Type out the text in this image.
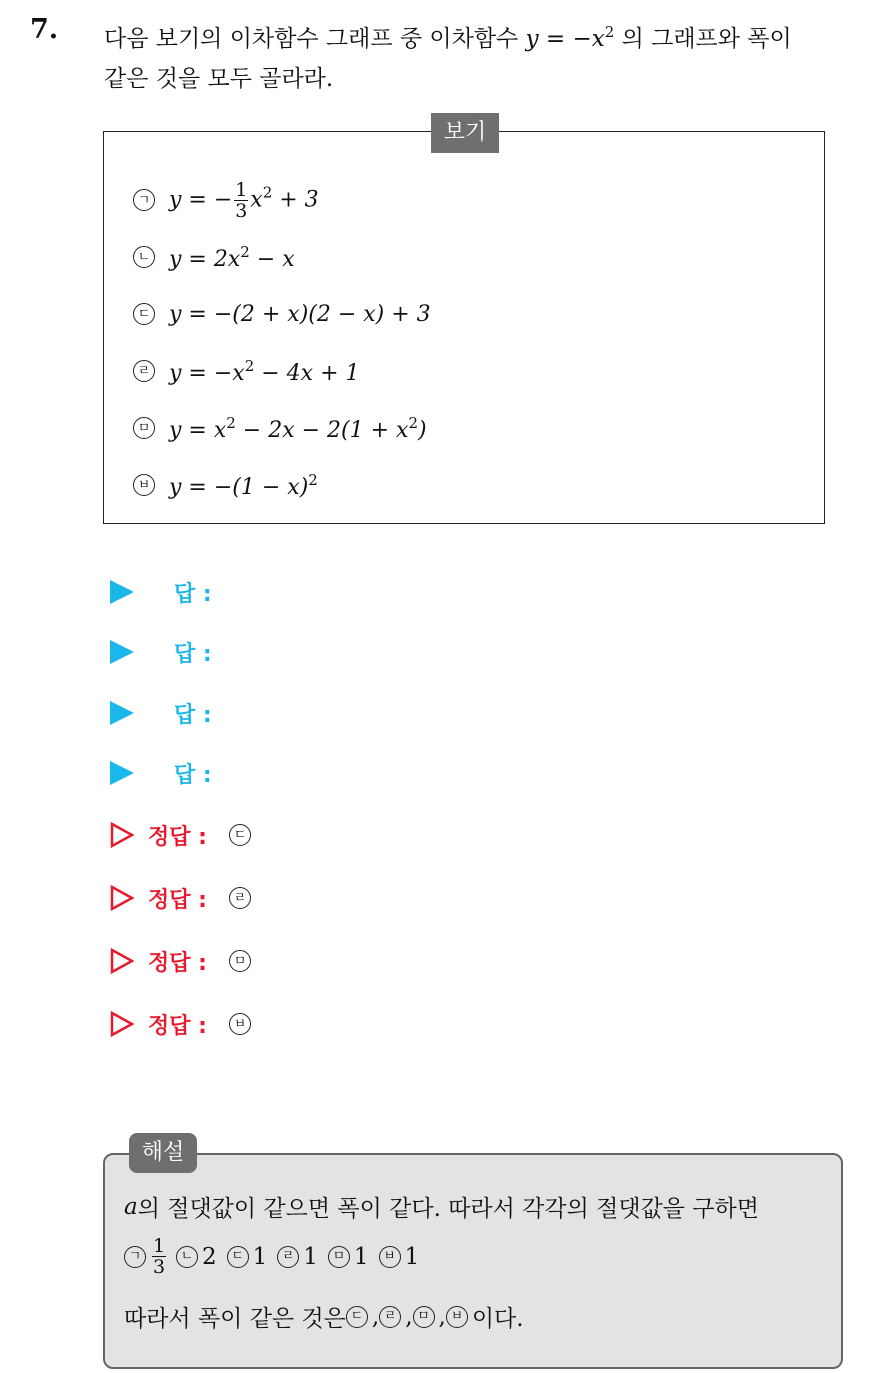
7. 다음 보기의 이차함수 그래프 중 이차함수 $y = -x^2$ 의 그래프와 폭이
같은 것을 모두 골라라.
보기
ㄱ y = − $\frac{1}{3} x^2 + 3$
ㄴ $y = 2x^2 - x$
ㄷ y = −(2 + x)(2 − x) + 3
ㄹ $y = -x^2 - 4x + 1$
ㅁ $y = x^2 - 2x - 2(1 + x^2)$
ㅂ $y = -(1 - x)^2$
답 :
답 :
답 :
답 :
정답 :	ㄷ
정답 :	ㄹ
정답 :	ㅁ
정답 :	ㅂ
해설
a 의 절댓값이 같으면 폭이 같다. 따라서 각각의 절댓값을 구하면
ㄱ $\frac{1}{3}$	ㄴ 2	ㄷ 1	ㄹ 1	ㅁ 1	ㅂ 1
따라서 폭이 같은 것은 ㄷ , ㄹ , ㅁ , ㅂ 이다.
